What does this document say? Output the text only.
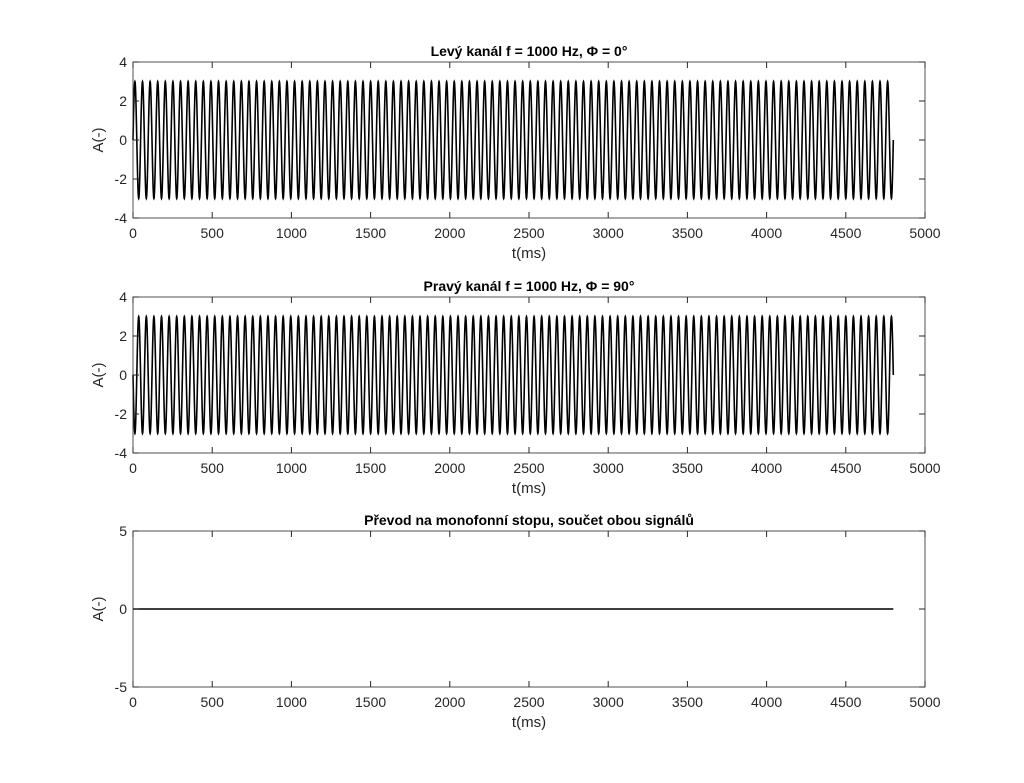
0	500	1000	1500	2000	2500	3000	3500	4000	4500	5000
-4
-2
0
2
4
Levý kanál f = 1000 Hz, Φ = 0°
t(ms)
A(-)
0	500	1000	1500	2000	2500	3000	3500	4000	4500	5000
-4
-2
0
2
4
Pravý kanál f = 1000 Hz, Φ = 90°
t(ms)
A(-)
0	500	1000	1500	2000	2500	3000	3500	4000	4500	5000
-5
0
5
Převod na monofonní stopu, součet obou signálů
t(ms)
A(-)
